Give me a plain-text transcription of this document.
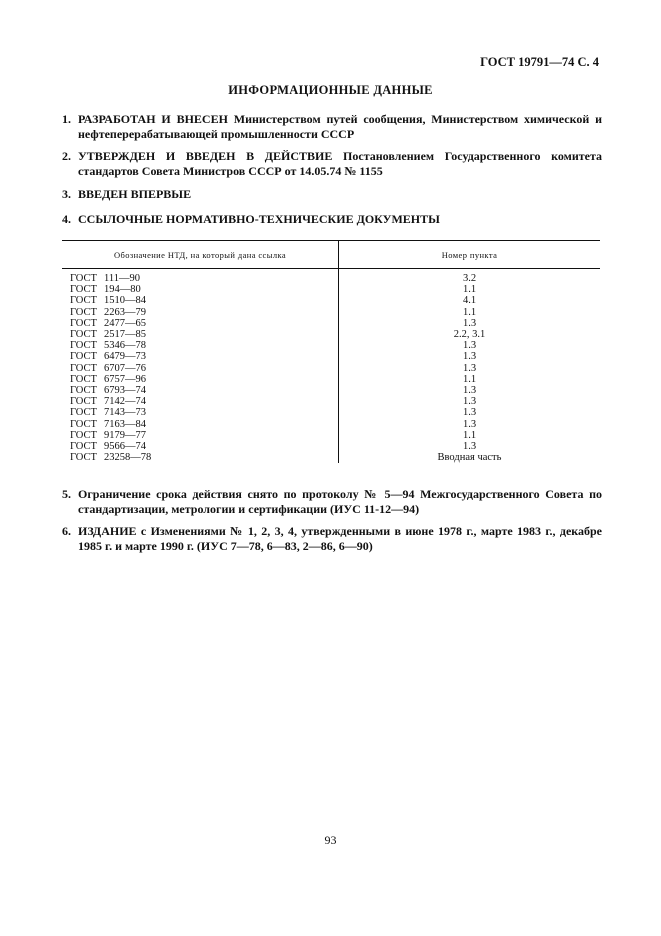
ГОСТ 19791—74 С. 4
ИНФОРМАЦИОННЫЕ ДАННЫЕ
1. РАЗРАБОТАН И ВНЕСЕН Министерством путей сообщения, Министерством химической и нефтеперерабатывающей промышленности СССР
2. УТВЕРЖДЕН И ВВЕДЕН В ДЕЙСТВИЕ Постановлением Государственного комитета стандартов Совета Министров СССР от 14.05.74 № 1155
3. ВВЕДЕН ВПЕРВЫЕ
4. ССЫЛОЧНЫЕ НОРМАТИВНО-ТЕХНИЧЕСКИЕ ДОКУМЕНТЫ
Обозначение НТД, на который дана ссылка	Номер пункта
ГОСТ 111—90	3.2
ГОСТ 194—80	1.1
ГОСТ 1510—84	4.1
ГОСТ 2263—79	1.1
ГОСТ 2477—65	1.3
ГОСТ 2517—85	2.2, 3.1
ГОСТ 5346—78	1.3
ГОСТ 6479—73	1.3
ГОСТ 6707—76	1.3
ГОСТ 6757—96	1.1
ГОСТ 6793—74	1.3
ГОСТ 7142—74	1.3
ГОСТ 7143—73	1.3
ГОСТ 7163—84	1.3
ГОСТ 9179—77	1.1
ГОСТ 9566—74	1.3
ГОСТ 23258—78	Вводная часть
5. Ограничение срока действия снято по протоколу № 5—94 Межгосударственного Совета по стандартизации, метрологии и сертификации (ИУС 11-12—94)
6. ИЗДАНИЕ с Изменениями № 1, 2, 3, 4, утвержденными в июне 1978 г., марте 1983 г., декабре 1985 г. и марте 1990 г. (ИУС 7—78, 6—83, 2—86, 6—90)
93
